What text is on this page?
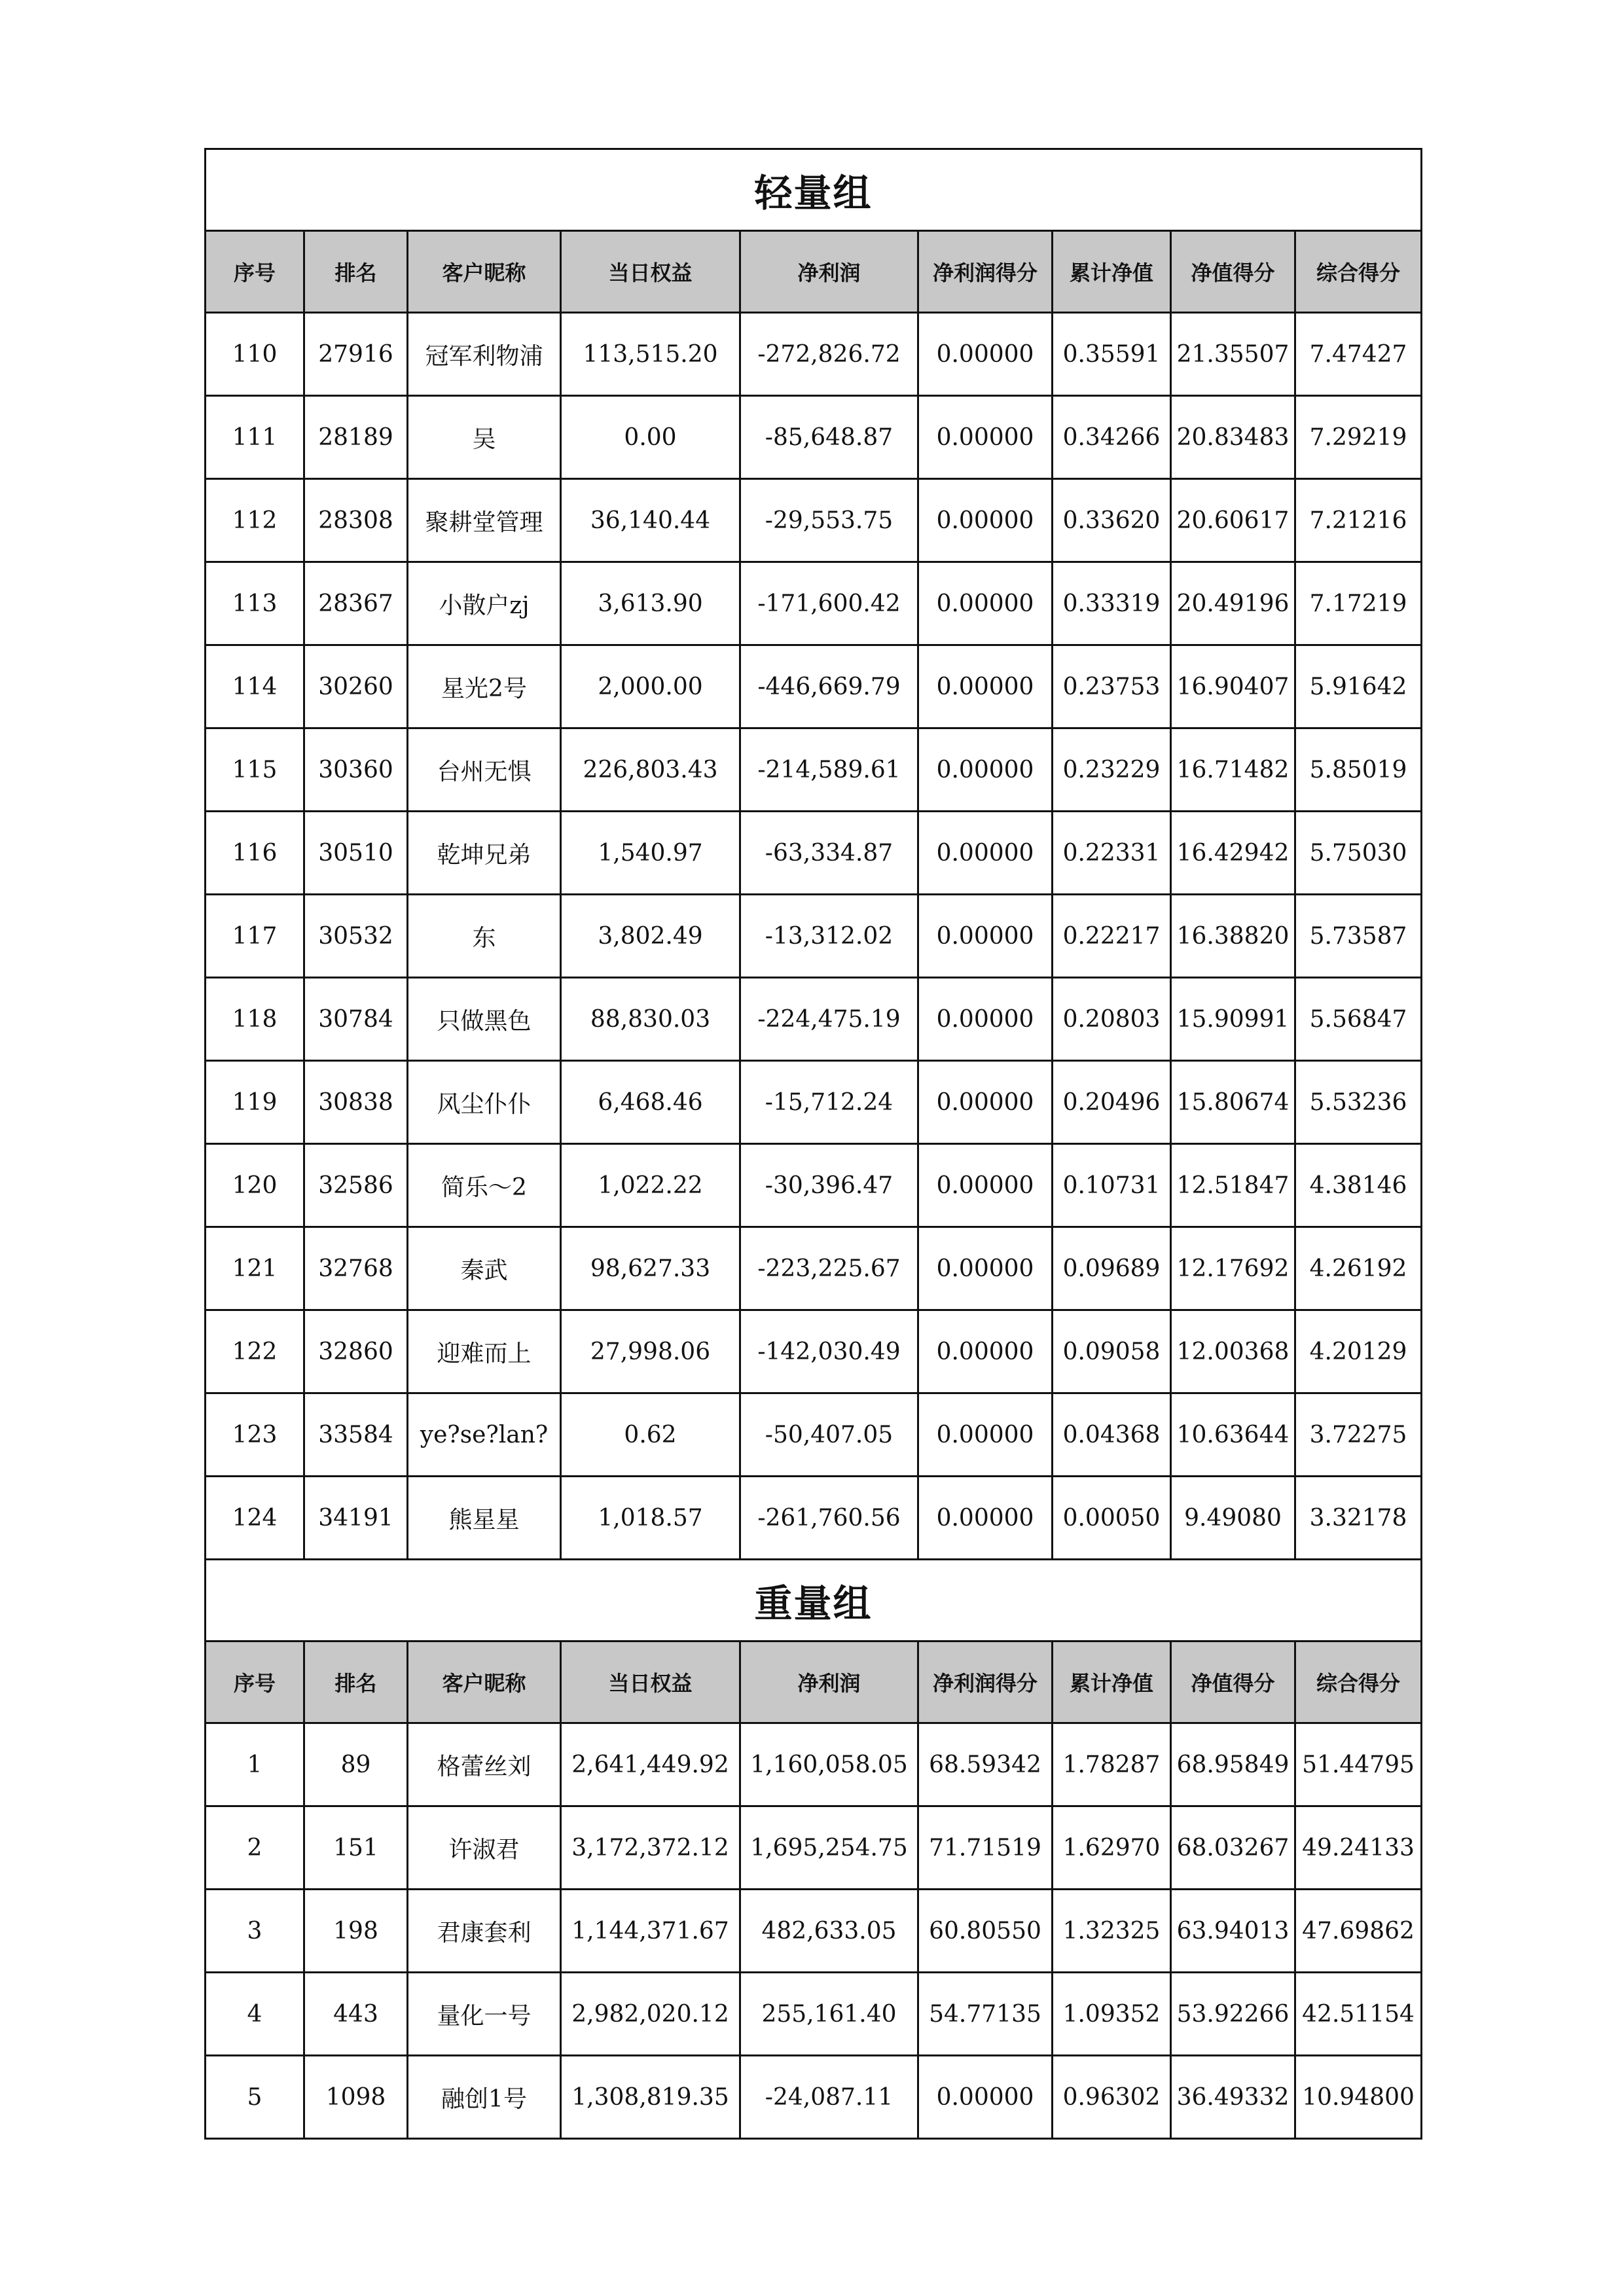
轻量组								
序号	排名	客户昵称	当日权益	净利润	净利润得分	累计净值	净值得分	综合得分
110	27916	冠军利物浦	113,515.20	-272,826.72	0.00000	0.35591	21.35507	7.47427
111	28189	吴	0.00	-85,648.87	0.00000	0.34266	20.83483	7.29219
112	28308	聚耕堂管理	36,140.44	-29,553.75	0.00000	0.33620	20.60617	7.21216
113	28367	小散户zj	3,613.90	-171,600.42	0.00000	0.33319	20.49196	7.17219
114	30260	星光2号	2,000.00	-446,669.79	0.00000	0.23753	16.90407	5.91642
115	30360	台州无惧	226,803.43	-214,589.61	0.00000	0.23229	16.71482	5.85019
116	30510	乾坤兄弟	1,540.97	-63,334.87	0.00000	0.22331	16.42942	5.75030
117	30532	东	3,802.49	-13,312.02	0.00000	0.22217	16.38820	5.73587
118	30784	只做黑色	88,830.03	-224,475.19	0.00000	0.20803	15.90991	5.56847
119	30838	风尘仆仆	6,468.46	-15,712.24	0.00000	0.20496	15.80674	5.53236
120	32586	简乐～2	1,022.22	-30,396.47	0.00000	0.10731	12.51847	4.38146
121	32768	秦武	98,627.33	-223,225.67	0.00000	0.09689	12.17692	4.26192
122	32860	迎难而上	27,998.06	-142,030.49	0.00000	0.09058	12.00368	4.20129
123	33584	ye?se?lan?	0.62	-50,407.05	0.00000	0.04368	10.63644	3.72275
124	34191	熊星星	1,018.57	-261,760.56	0.00000	0.00050	9.49080	3.32178
重量组								
序号	排名	客户昵称	当日权益	净利润	净利润得分	累计净值	净值得分	综合得分
1	89	格蕾丝刘	2,641,449.92	1,160,058.05	68.59342	1.78287	68.95849	51.44795
2	151	许淑君	3,172,372.12	1,695,254.75	71.71519	1.62970	68.03267	49.24133
3	198	君康套利	1,144,371.67	482,633.05	60.80550	1.32325	63.94013	47.69862
4	443	量化一号	2,982,020.12	255,161.40	54.77135	1.09352	53.92266	42.51154
5	1098	融创1号	1,308,819.35	-24,087.11	0.00000	0.96302	36.49332	10.94800
